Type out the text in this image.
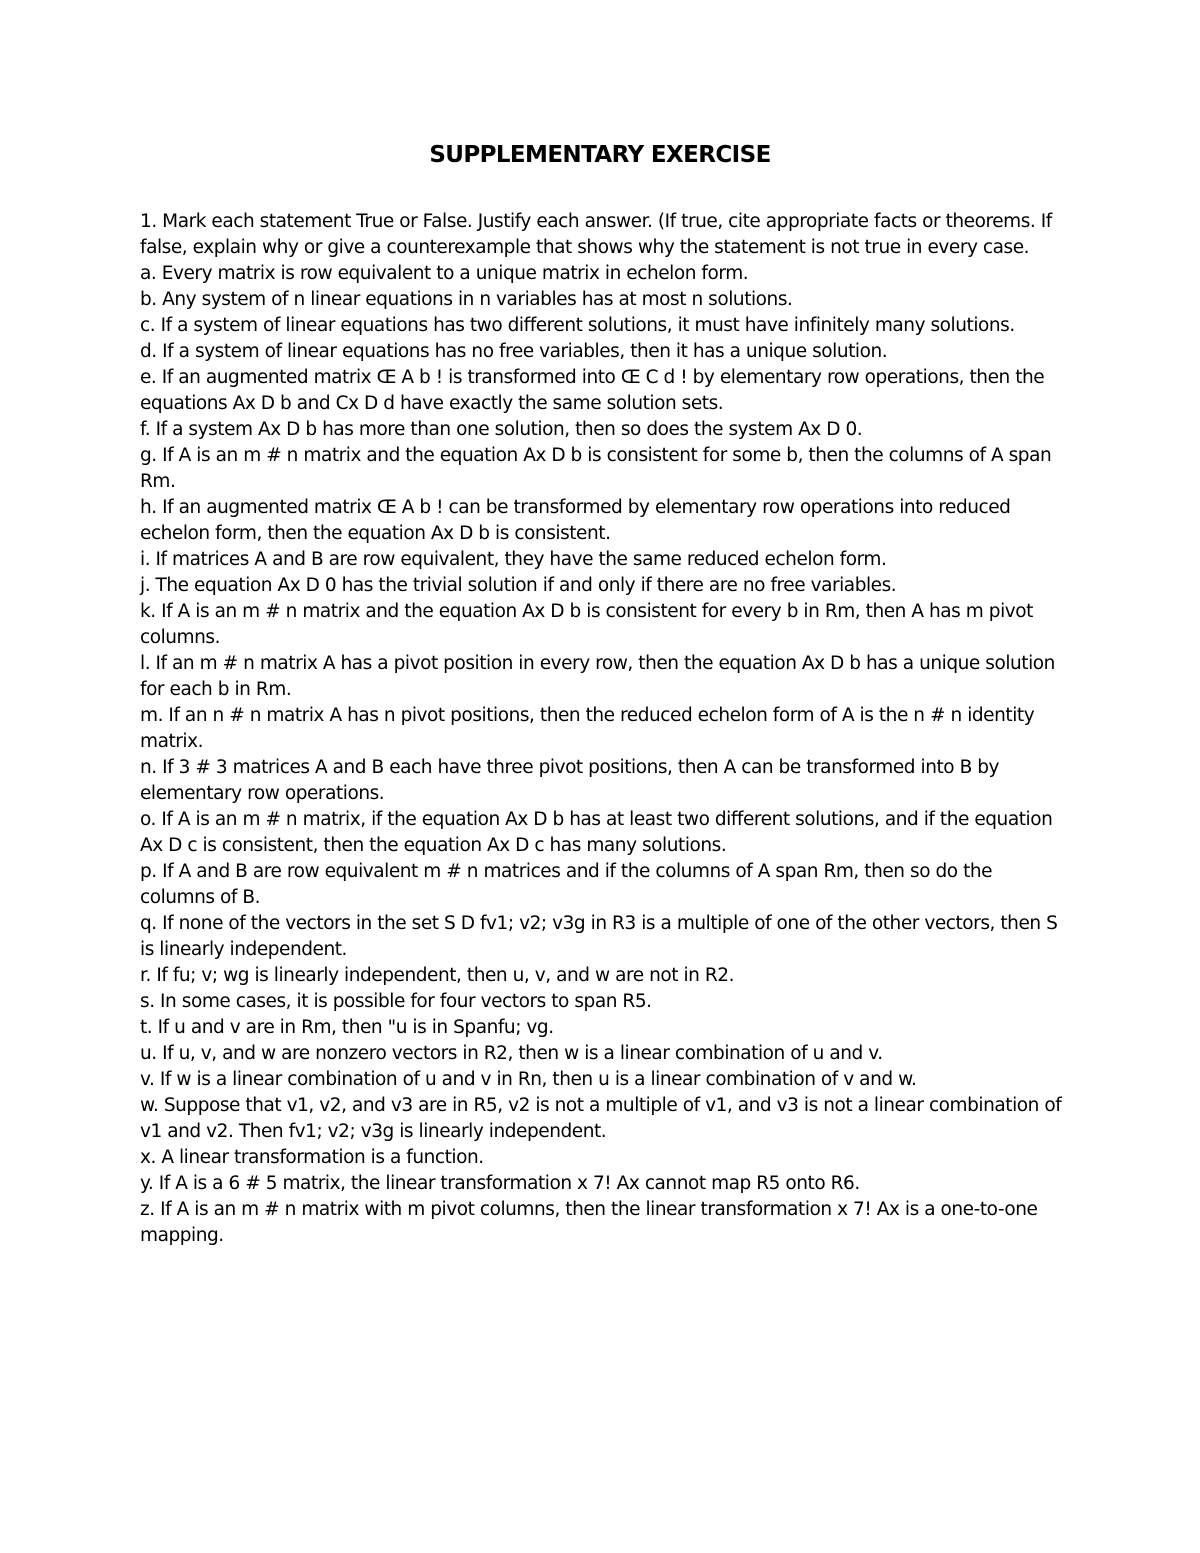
SUPPLEMENTARY EXERCISE

1. Mark each statement True or False. Justify each answer. (If true, cite appropriate facts or theorems. If false, explain why or give a counterexample that shows why the statement is not true in every case.

a. Every matrix is row equivalent to a unique matrix in echelon form.

b. Any system of n linear equations in n variables has at most n solutions.

c. If a system of linear equations has two different solutions, it must have infinitely many solutions.

d. If a system of linear equations has no free variables, then it has a unique solution.

e. If an augmented matrix Œ A b ! is transformed into Œ C d ! by elementary row operations, then the equations Ax D b and Cx D d have exactly the same solution sets.

f. If a system Ax D b has more than one solution, then so does the system Ax D 0.

g. If A is an m # n matrix and the equation Ax D b is consistent for some b, then the columns of A span Rm.

h. If an augmented matrix Œ A b ! can be transformed by elementary row operations into reduced echelon form, then the equation Ax D b is consistent.

i. If matrices A and B are row equivalent, they have the same reduced echelon form.

j. The equation Ax D 0 has the trivial solution if and only if there are no free variables.

k. If A is an m # n matrix and the equation Ax D b is consistent for every b in Rm, then A has m pivot columns.

l. If an m # n matrix A has a pivot position in every row, then the equation Ax D b has a unique solution for each b in Rm.

m. If an n # n matrix A has n pivot positions, then the reduced echelon form of A is the n # n identity matrix.

n. If 3 # 3 matrices A and B each have three pivot positions, then A can be transformed into B by elementary row operations.

o. If A is an m # n matrix, if the equation Ax D b has at least two different solutions, and if the equation Ax D c is consistent, then the equation Ax D c has many solutions.

p. If A and B are row equivalent m # n matrices and if the columns of A span Rm, then so do the columns of B.

q. If none of the vectors in the set S D fv1; v2; v3g in R3 is a multiple of one of the other vectors, then S is linearly independent.

r. If fu; v; wg is linearly independent, then u, v, and w are not in R2.

s. In some cases, it is possible for four vectors to span R5.

t. If u and v are in Rm, then "u is in Spanfu; vg.

u. If u, v, and w are nonzero vectors in R2, then w is a linear combination of u and v.

v. If w is a linear combination of u and v in Rn, then u is a linear combination of v and w.

w. Suppose that v1, v2, and v3 are in R5, v2 is not a multiple of v1, and v3 is not a linear combination of v1 and v2. Then fv1; v2; v3g is linearly independent.

x. A linear transformation is a function.

y. If A is a 6 # 5 matrix, the linear transformation x 7! Ax cannot map R5 onto R6.

z. If A is an m # n matrix with m pivot columns, then the linear transformation x 7! Ax is a one-to-one mapping.
